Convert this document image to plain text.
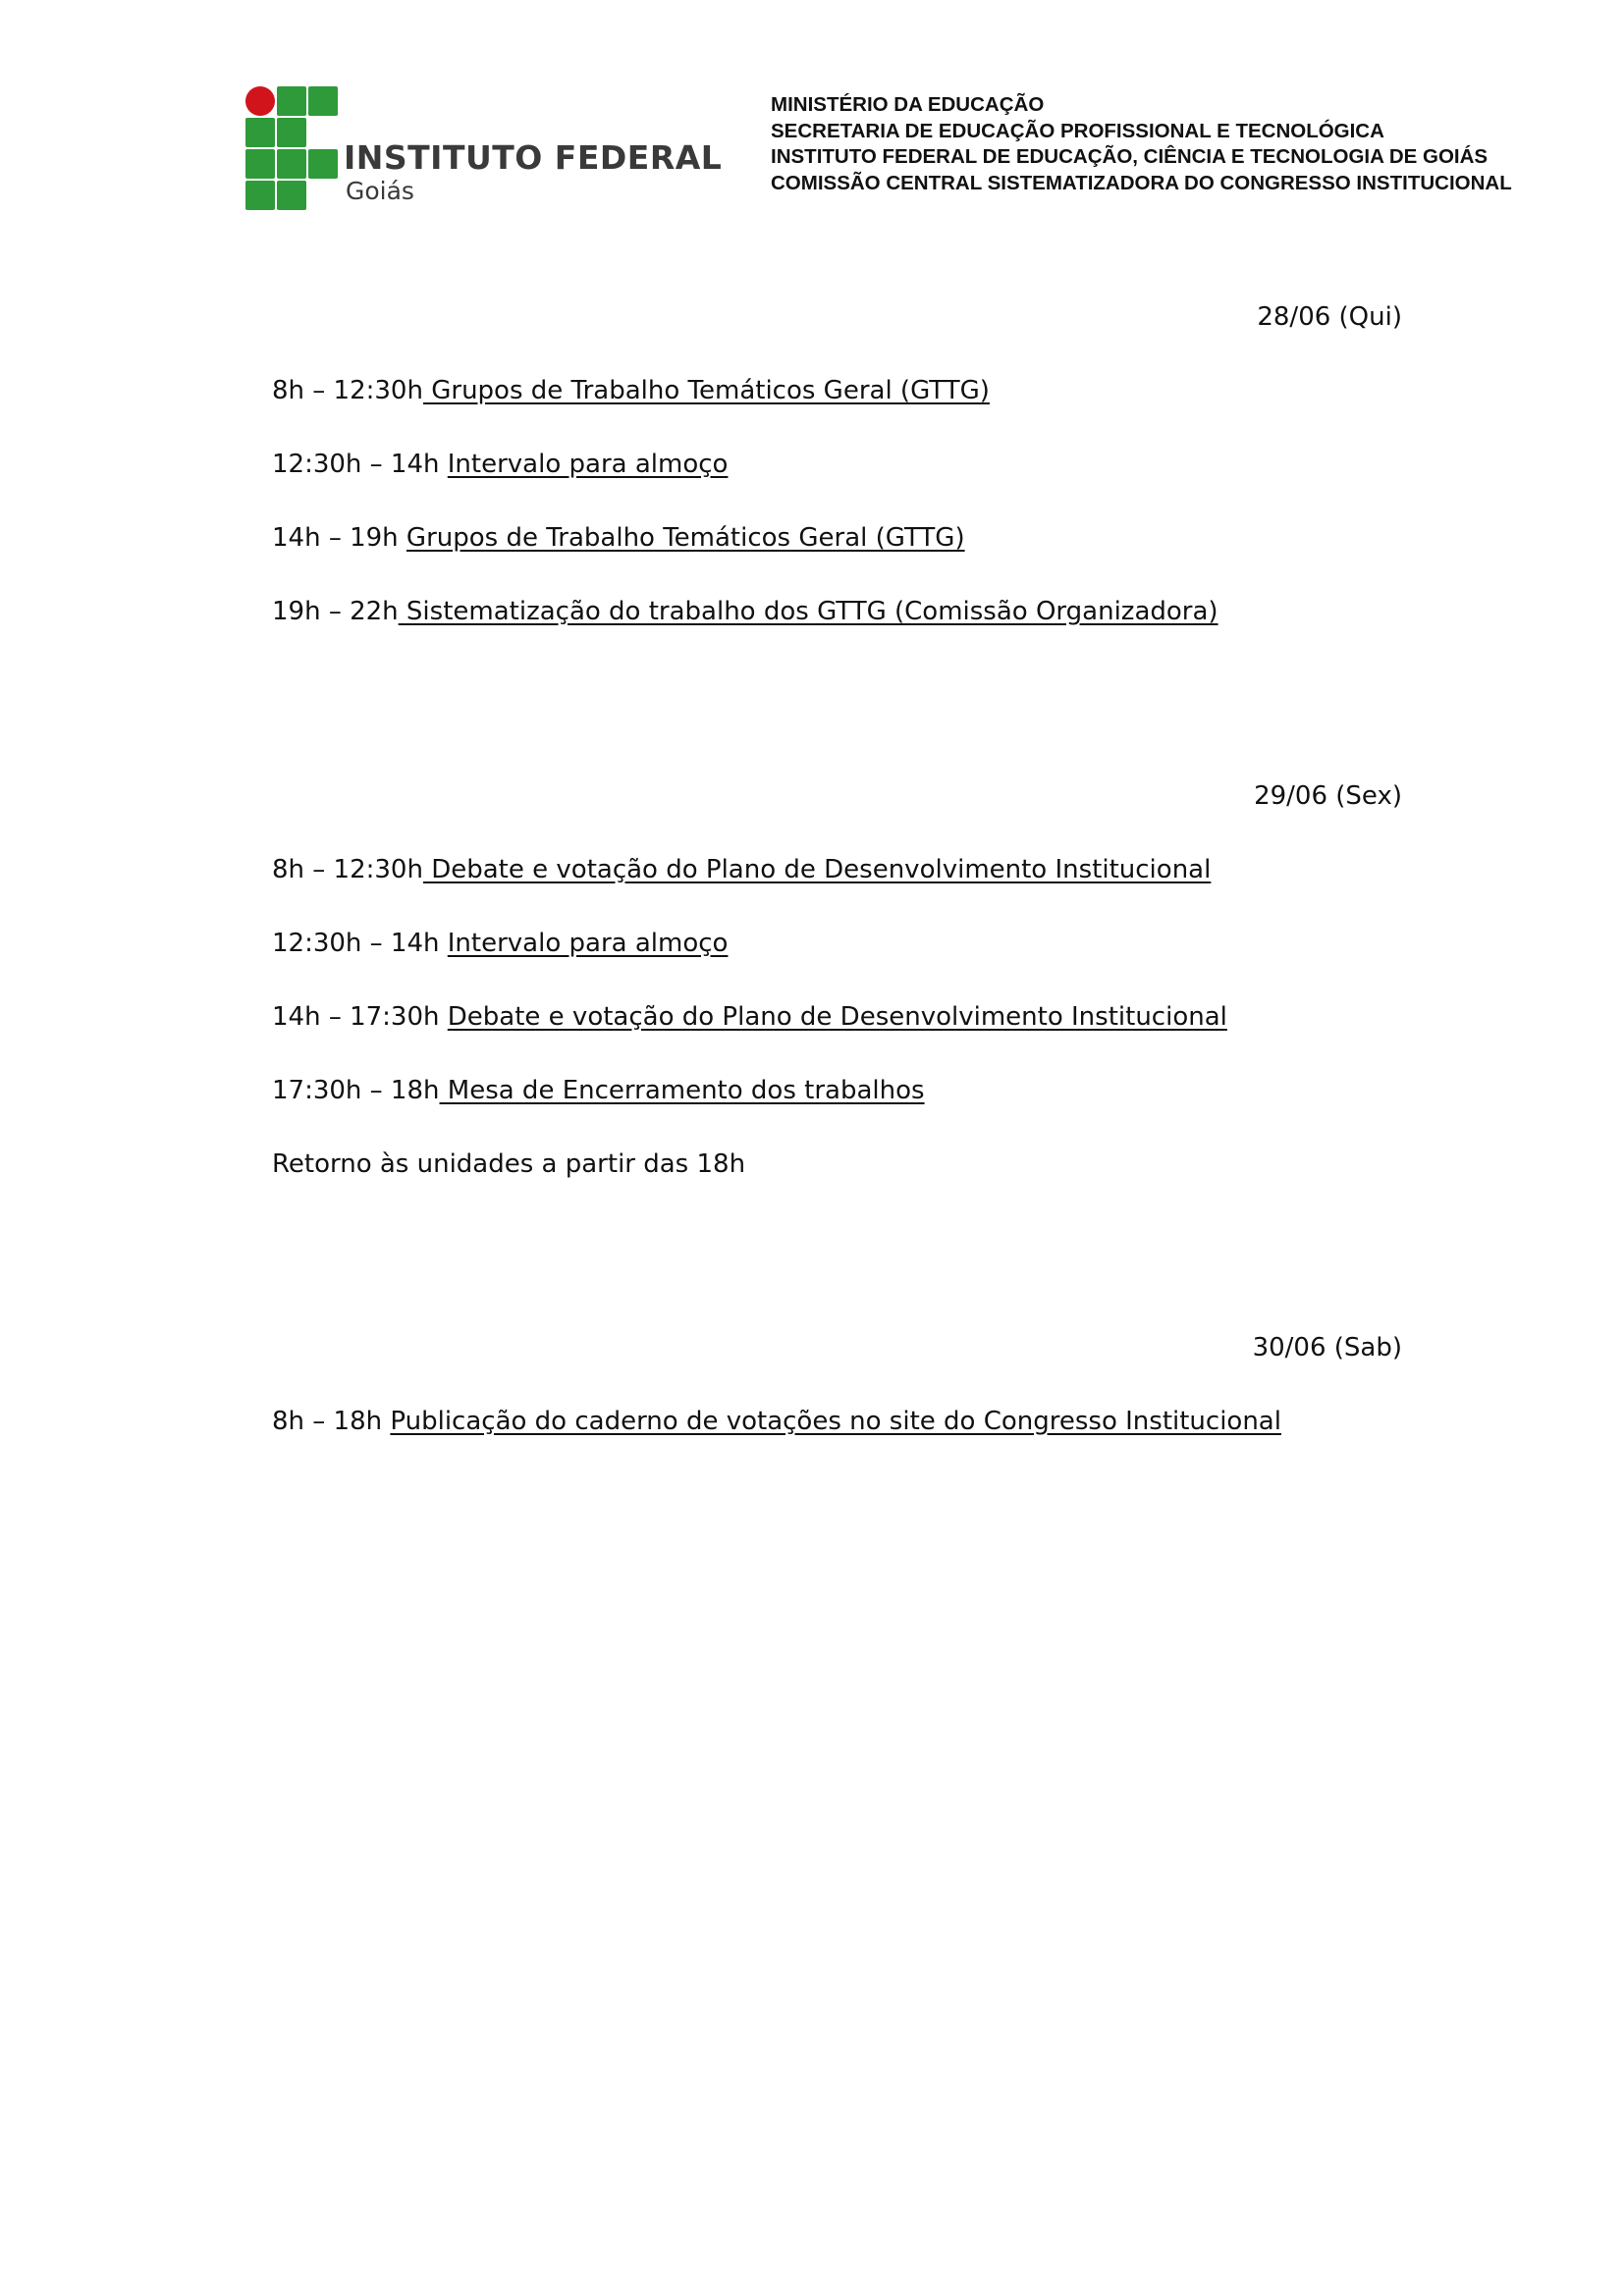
INSTITUTO FEDERAL
Goiás
MINISTÉRIO DA EDUCAÇÃO
SECRETARIA DE EDUCAÇÃO PROFISSIONAL E TECNOLÓGICA
INSTITUTO FEDERAL DE EDUCAÇÃO, CIÊNCIA E TECNOLOGIA DE GOIÁS
COMISSÃO CENTRAL SISTEMATIZADORA DO CONGRESSO INSTITUCIONAL
28/06 (Qui)
8h – 12:30h Grupos de Trabalho Temáticos Geral (GTTG)
12:30h – 14h Intervalo para almoço
14h – 19h Grupos de Trabalho Temáticos Geral (GTTG)
19h – 22h Sistematização do trabalho dos GTTG (Comissão Organizadora)
29/06 (Sex)
8h – 12:30h Debate e votação do Plano de Desenvolvimento Institucional
12:30h – 14h Intervalo para almoço
14h – 17:30h Debate e votação do Plano de Desenvolvimento Institucional
17:30h – 18h Mesa de Encerramento dos trabalhos
Retorno às unidades a partir das 18h
30/06 (Sab)
8h – 18h Publicação do caderno de votações no site do Congresso Institucional
